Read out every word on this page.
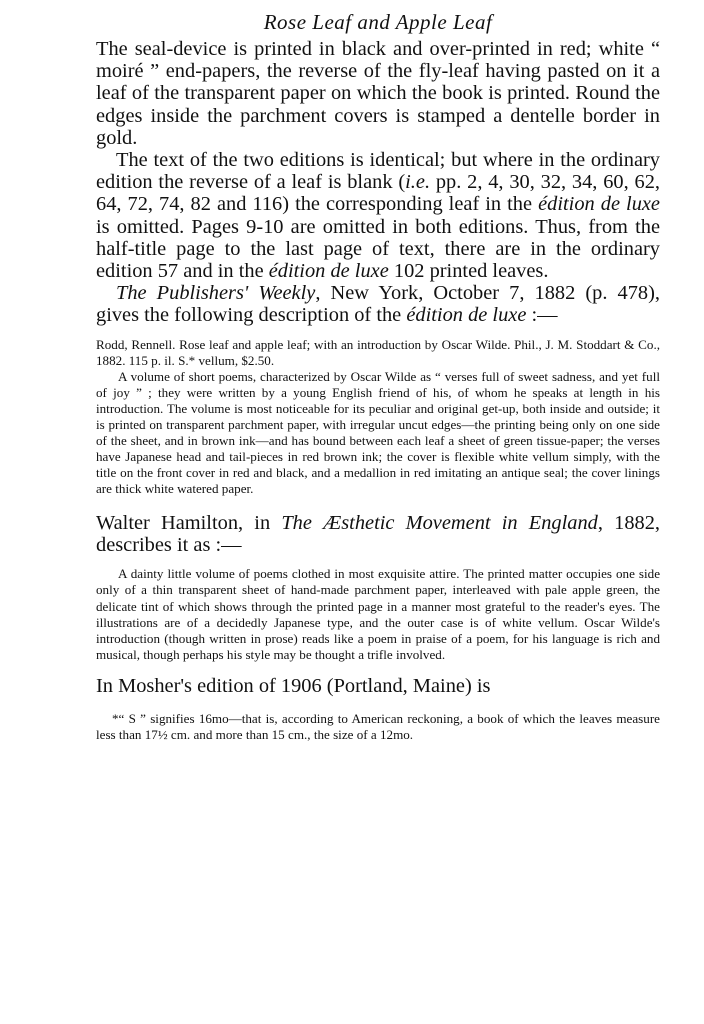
Rose Leaf and Apple Leaf

The seal-device is printed in black and over-printed in red; white “ moiré ” end-papers, the reverse of the fly-leaf having pasted on it a leaf of the transparent paper on which the book is printed. Round the edges inside the parchment covers is stamped a dentelle border in gold.

The text of the two editions is identical; but where in the ordinary edition the reverse of a leaf is blank (i.e. pp. 2, 4, 30, 32, 34, 60, 62, 64, 72, 74, 82 and 116) the corresponding leaf in the édition de luxe is omitted. Pages 9-10 are omitted in both editions. Thus, from the half-title page to the last page of text, there are in the ordinary edition 57 and in the édition de luxe 102 printed leaves.

The Publishers' Weekly, New York, October 7, 1882 (p. 478), gives the following description of the édition de luxe :—

Rodd, Rennell. Rose leaf and apple leaf; with an introduction by Oscar Wilde. Phil., J. M. Stoddart & Co., 1882. 115 p. il. S.* vellum, $2.50.

A volume of short poems, characterized by Oscar Wilde as “ verses full of sweet sadness, and yet full of joy ” ; they were written by a young English friend of his, of whom he speaks at length in his introduction. The volume is most noticeable for its peculiar and original get-up, both inside and outside; it is printed on transparent parchment paper, with irregular uncut edges—the printing being only on one side of the sheet, and in brown ink—and has bound between each leaf a sheet of green tissue-paper; the verses have Japanese head and tail-pieces in red brown ink; the cover is flexible white vellum simply, with the title on the front cover in red and black, and a medallion in red imitating an antique seal; the cover linings are thick white watered paper.

Walter Hamilton, in The Æsthetic Movement in England, 1882, describes it as :—

A dainty little volume of poems clothed in most exquisite attire. The printed matter occupies one side only of a thin transparent sheet of hand-made parchment paper, interleaved with pale apple green, the delicate tint of which shows through the printed page in a manner most grateful to the reader's eyes. The illustrations are of a decidedly Japanese type, and the outer case is of white vellum. Oscar Wilde's introduction (though written in prose) reads like a poem in praise of a poem, for his language is rich and musical, though perhaps his style may be thought a trifle involved.

In Mosher's edition of 1906 (Portland, Maine) is

*“ S ” signifies 16mo—that is, according to American reckoning, a book of which the leaves measure less than 17½ cm. and more than 15 cm., the size of a 12mo.
